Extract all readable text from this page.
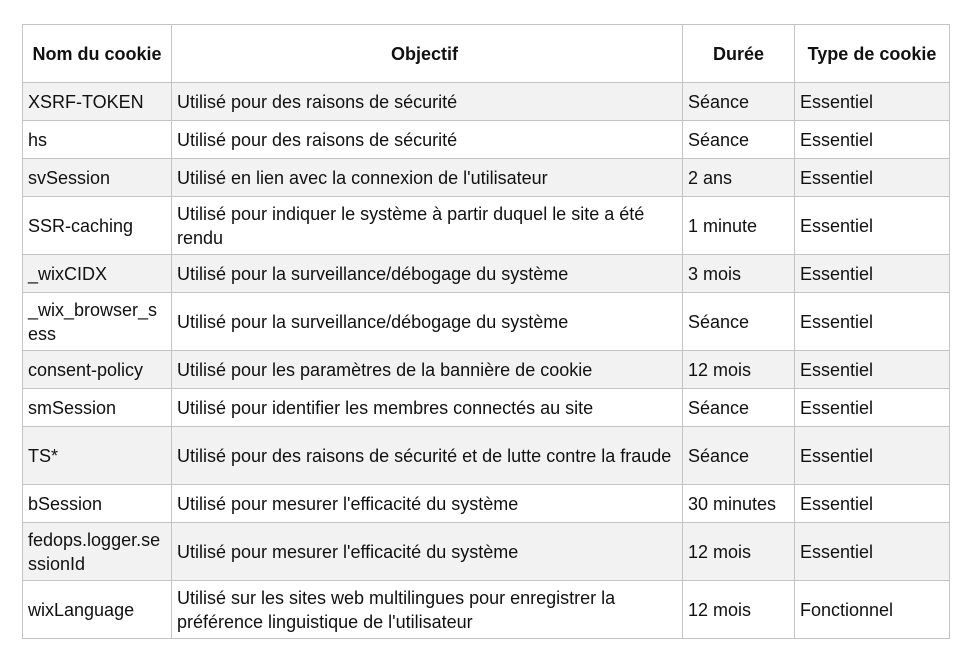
Nom du cookie	Objectif	Durée	Type de cookie
XSRF-TOKEN	Utilisé pour des raisons de sécurité	Séance	Essentiel
hs	Utilisé pour des raisons de sécurité	Séance	Essentiel
svSession	Utilisé en lien avec la connexion de l'utilisateur	2 ans	Essentiel
SSR-caching	Utilisé pour indiquer le système à partir duquel le site a été rendu	1 minute	Essentiel
_wixCIDX	Utilisé pour la surveillance/débogage du système	3 mois	Essentiel
_wix_browser_sess	Utilisé pour la surveillance/débogage du système	Séance	Essentiel
consent-policy	Utilisé pour les paramètres de la bannière de cookie	12 mois	Essentiel
smSession	Utilisé pour identifier les membres connectés au site	Séance	Essentiel
TS*	Utilisé pour des raisons de sécurité et de lutte contre la fraude	Séance	Essentiel
bSession	Utilisé pour mesurer l'efficacité du système	30 minutes	Essentiel
fedops.logger.sessionId	Utilisé pour mesurer l'efficacité du système	12 mois	Essentiel
wixLanguage	Utilisé sur les sites web multilingues pour enregistrer la préférence linguistique de l'utilisateur	12 mois	Fonctionnel
